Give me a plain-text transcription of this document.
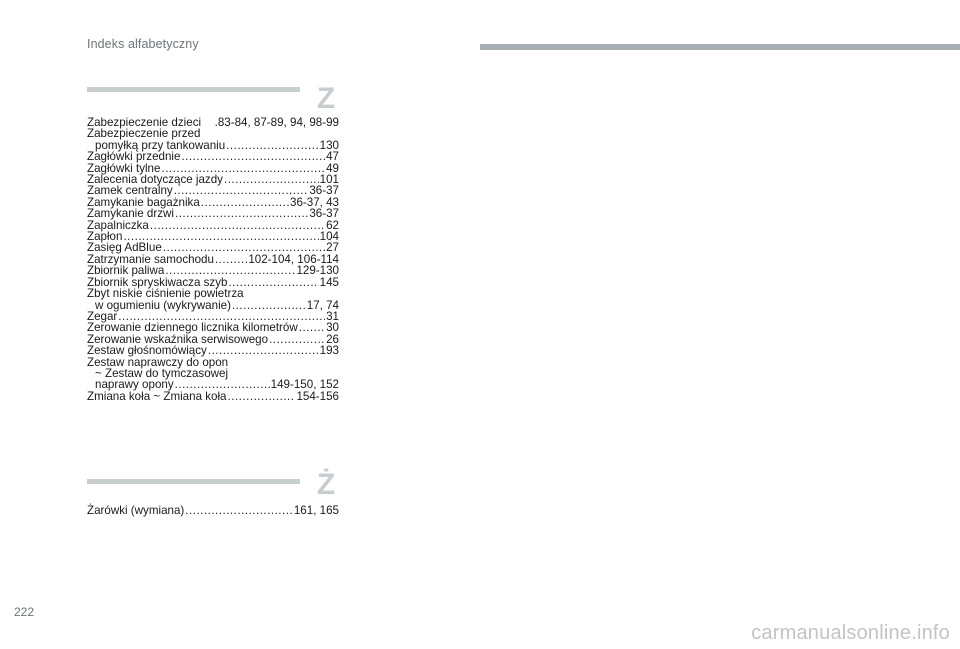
Indeks alfabetyczny
Z
Zabezpieczenie dzieci .83-84, 87-89, 94, 98-99
Zabezpieczenie przed
pomyłką przy tankowaniu .....	130
Zagłówki przednie .....	47
Zagłówki tylne .....	49
Zalecenia dotyczące jazdy .....	101
Zamek centralny .....	36-37
Zamykanie bagażnika .....	36-37, 43
Zamykanie drzwi .....	36-37
Zapalniczka .....	62
Zapłon .....	104
Zasięg AdBlue .....	27
Zatrzymanie samochodu .....	102-104, 106-114
Zbiornik paliwa .....	129-130
Zbiornik spryskiwacza szyb .....	145
Zbyt niskie ciśnienie powietrza
w ogumieniu (wykrywanie) .....	17, 74
Zegar .....	31
Zerowanie dziennego licznika kilometrów ..... 30
Zerowanie wskaźnika serwisowego .....	26
Zestaw głośnomówiący .....	193
Zestaw naprawczy do opon
~ Zestaw do tymczasowej
naprawy opony .....	149-150, 152
Zmiana koła ~ Zmiana koła .....	154-156
Ż
Żarówki (wymiana) .....	161, 165
222
carmanualsonline.info
